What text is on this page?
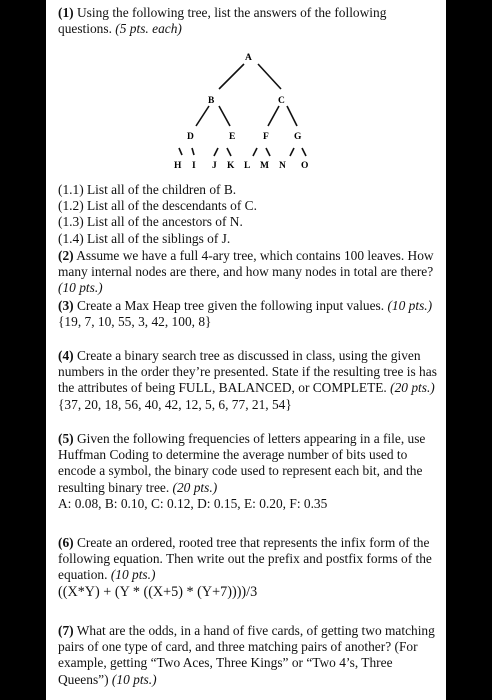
(1) Using the following tree, list the answers of the following questions. (5 pts. each)
A
B	C
D	E	F	G
H I J K L M N O
(1.1) List all of the children of B.
(1.2) List all of the descendants of C.
(1.3) List all of the ancestors of N.
(1.4) List all of the siblings of J.
(2) Assume we have a full 4-ary tree, which contains 100 leaves. How many internal nodes are there, and how many nodes in total are there? (10 pts.)
(3) Create a Max Heap tree given the following input values. (10 pts.)
{19, 7, 10, 55, 3, 42, 100, 8}
(4) Create a binary search tree as discussed in class, using the given numbers in the order they’re presented. State if the resulting tree is has the attributes of being FULL, BALANCED, or COMPLETE. (20 pts.)
{37, 20, 18, 56, 40, 42, 12, 5, 6, 77, 21, 54}
(5) Given the following frequencies of letters appearing in a file, use Huffman Coding to determine the average number of bits used to encode a symbol, the binary code used to represent each bit, and the resulting binary tree. (20 pts.)
A: 0.08, B: 0.10, C: 0.12, D: 0.15, E: 0.20, F: 0.35
(6) Create an ordered, rooted tree that represents the infix form of the following equation. Then write out the prefix and postfix forms of the equation. (10 pts.)
((X*Y) + (Y * ((X+5) * (Y+7))))/3
(7) What are the odds, in a hand of five cards, of getting two matching pairs of one type of card, and three matching pairs of another? (For example, getting “Two Aces, Three Kings” or “Two 4’s, Three Queens”) (10 pts.)
